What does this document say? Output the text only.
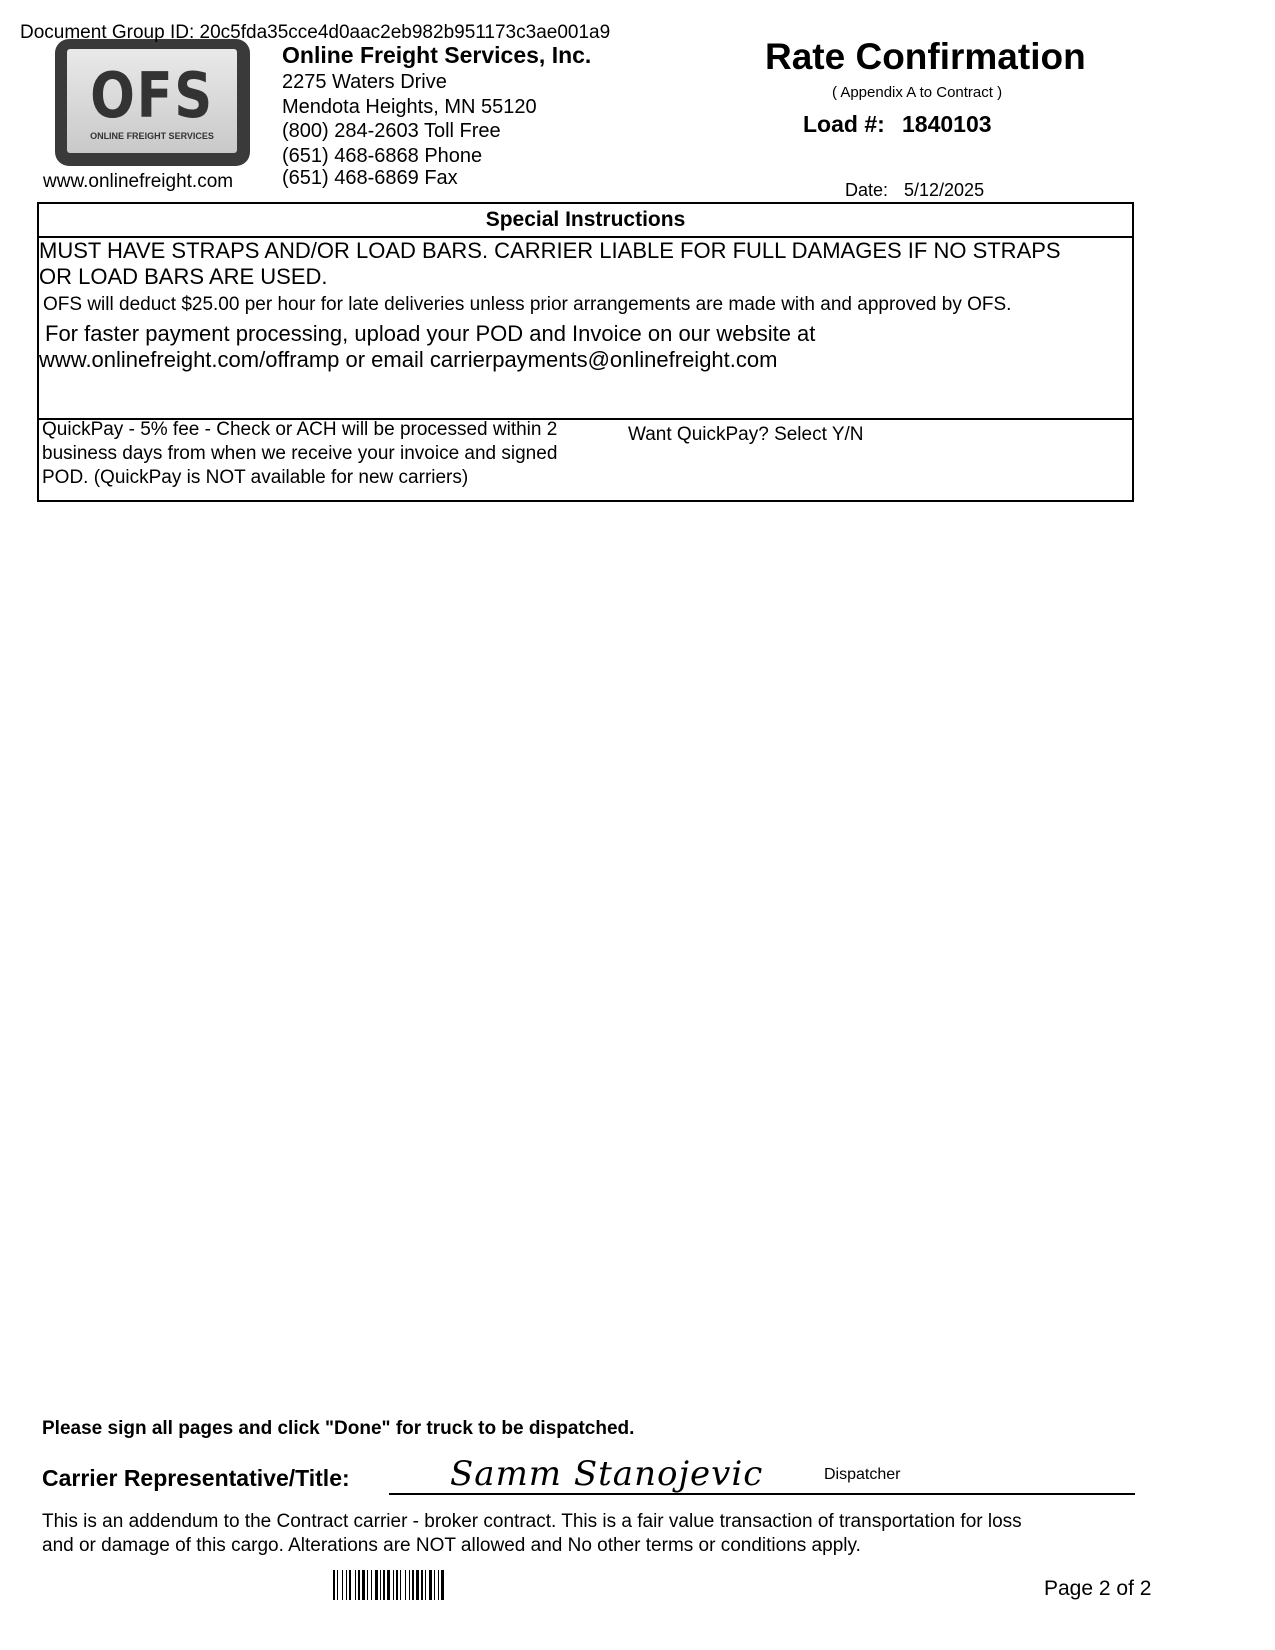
Document Group ID: 20c5fda35cce4d0aac2eb982b951173c3ae001a9
OFS
ONLINE FREIGHT SERVICES
www.onlinefreight.com
Online Freight Services, Inc.
2275 Waters Drive
Mendota Heights, MN 55120
(800) 284-2603 Toll Free
(651) 468-6868 Phone
(651) 468-6869 Fax
Rate Confirmation
( Appendix A to Contract )
Load #: 1840103
Date: 5/12/2025
Special Instructions
MUST HAVE STRAPS AND/OR LOAD BARS. CARRIER LIABLE FOR FULL DAMAGES IF NO STRAPS
OR LOAD BARS ARE USED.
OFS will deduct $25.00 per hour for late deliveries unless prior arrangements are made with and approved by OFS.
For faster payment processing, upload your POD and Invoice on our website at
www.onlinefreight.com/offramp or email carrierpayments@onlinefreight.com
QuickPay - 5% fee - Check or ACH will be processed within 2
business days from when we receive your invoice and signed
POD. (QuickPay is NOT available for new carriers)
Want QuickPay? Select Y/N
Please sign all pages and click "Done" for truck to be dispatched.
Carrier Representative/Title:	Samm Stanojevic	Dispatcher
This is an addendum to the Contract carrier - broker contract. This is a fair value transaction of transportation for loss
and or damage of this cargo. Alterations are NOT allowed and No other terms or conditions apply.
Page 2 of 2
